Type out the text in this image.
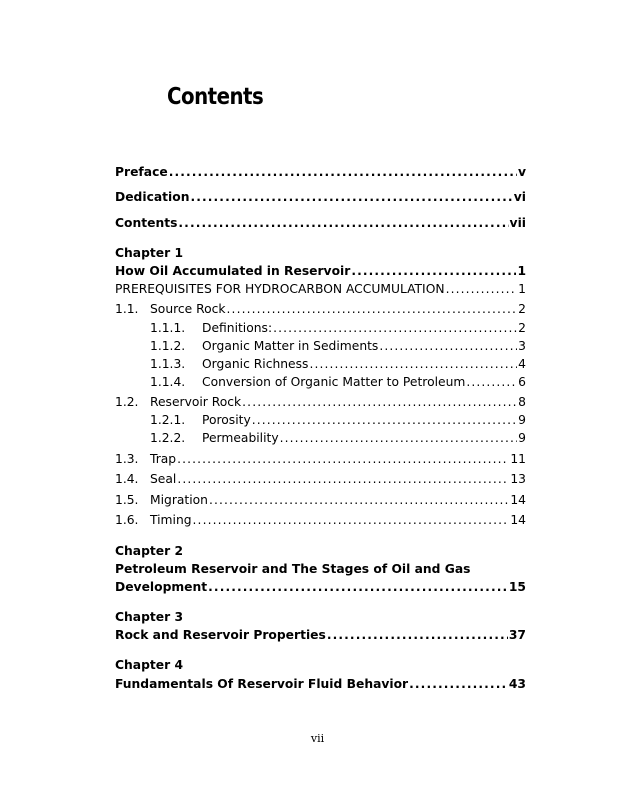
Contents
Preface .....	v
Dedication .....	vi
Contents .....	vii
Chapter 1
How Oil Accumulated in Reservoir .....	1
PREREQUISITES FOR HYDROCARBON ACCUMULATION .....	1
1.1. Source Rock .....	2
1.1.1.	Definitions: .....	2
1.1.2.	Organic Matter in Sediments .....	3
1.1.3.	Organic Richness .....	4
1.1.4.	Conversion of Organic Matter to Petroleum .....	6
1.2. Reservoir Rock .....	8
1.2.1.	Porosity .....	9
1.2.2.	Permeability .....	9
1.3. Trap .....	11
1.4. Seal .....	13
1.5. Migration .....	14
1.6. Timing .....	14
Chapter 2
Petroleum Reservoir and The Stages of Oil and Gas
Development .....	15
Chapter 3
Rock and Reservoir Properties .....	37
Chapter 4
Fundamentals Of Reservoir Fluid Behavior .....	43
vii
